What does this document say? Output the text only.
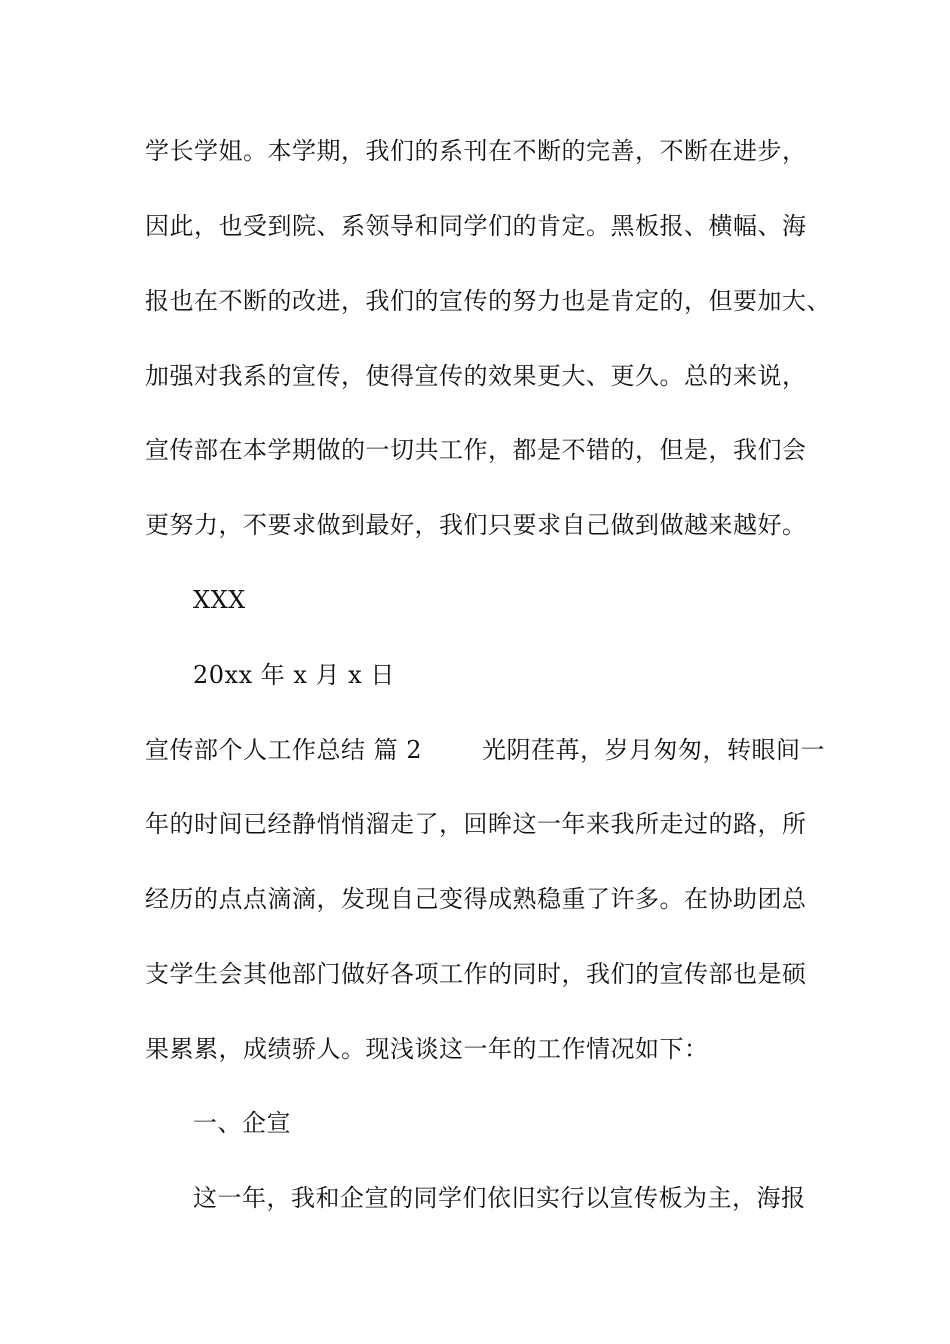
学长学姐。本学期，我们的系刊在不断的完善，不断在进步，
因此，也受到院、系领导和同学们的肯定。黑板报、横幅、海
报也在不断的改进，我们的宣传的努力也是肯定的，但要加大、
加强对我系的宣传，使得宣传的效果更大、更久。总的来说，
宣传部在本学期做的一切共工作，都是不错的，但是，我们会
更努力，不要求做到最好，我们只要求自己做到做越来越好。
XXX
20xx 年 x 月 x 日
宣传部个人工作总结 篇 2	光阴荏苒，岁月匆匆，转眼间一
年的时间已经静悄悄溜走了，回眸这一年来我所走过的路，所
经历的点点滴滴，发现自己变得成熟稳重了许多。在协助团总
支学生会其他部门做好各项工作的同时，我们的宣传部也是硕
果累累，成绩骄人。现浅谈这一年的工作情况如下：
一、企宣
这一年，我和企宣的同学们依旧实行以宣传板为主，海报
